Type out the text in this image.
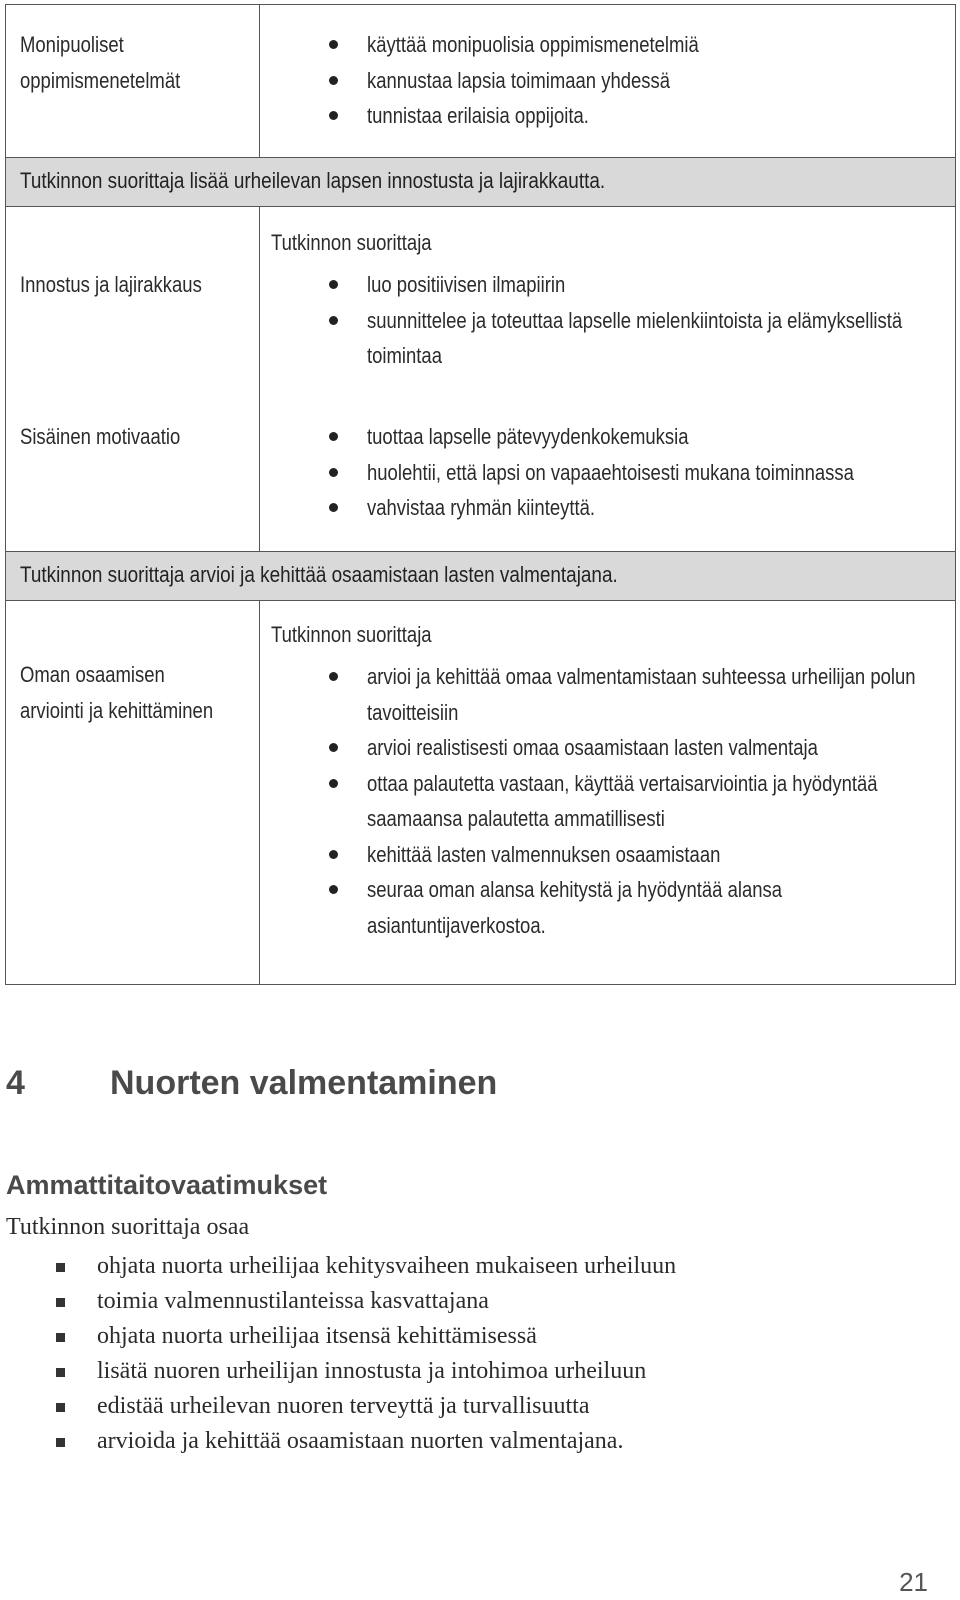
Monipuoliset
oppimismenetelmät
käyttää monipuolisia oppimismenetelmiä
kannustaa lapsia toimimaan yhdessä
tunnistaa erilaisia oppijoita.
Tutkinnon suorittaja lisää urheilevan lapsen innostusta ja lajirakkautta.
Innostus ja lajirakkaus
Tutkinnon suorittaja
luo positiivisen ilmapiirin
suunnittelee ja toteuttaa lapselle mielenkiintoista ja elämyksellistä
toimintaa
Sisäinen motivaatio	tuottaa lapselle pätevyydenkokemuksia
huolehtii, että lapsi on vapaaehtoisesti mukana toiminnassa
vahvistaa ryhmän kiinteyttä.
Tutkinnon suorittaja arvioi ja kehittää osaamistaan lasten valmentajana.
Oman osaamisen
arviointi ja kehittäminen
Tutkinnon suorittaja
arvioi ja kehittää omaa valmentamistaan suhteessa urheilijan polun
tavoitteisiin
arvioi realistisesti omaa osaamistaan lasten valmentaja
ottaa palautetta vastaan, käyttää vertaisarviointia ja hyödyntää
saamaansa palautetta ammatillisesti
kehittää lasten valmennuksen osaamistaan
seuraa oman alansa kehitystä ja hyödyntää alansa
asiantuntijaverkostoa.
4	Nuorten valmentaminen
Ammattitaitovaatimukset
Tutkinnon suorittaja osaa
ohjata nuorta urheilijaa kehitysvaiheen mukaiseen urheiluun
toimia valmennustilanteissa kasvattajana
ohjata nuorta urheilijaa itsensä kehittämisessä
lisätä nuoren urheilijan innostusta ja intohimoa urheiluun
edistää urheilevan nuoren terveyttä ja turvallisuutta
arvioida ja kehittää osaamistaan nuorten valmentajana.
21
